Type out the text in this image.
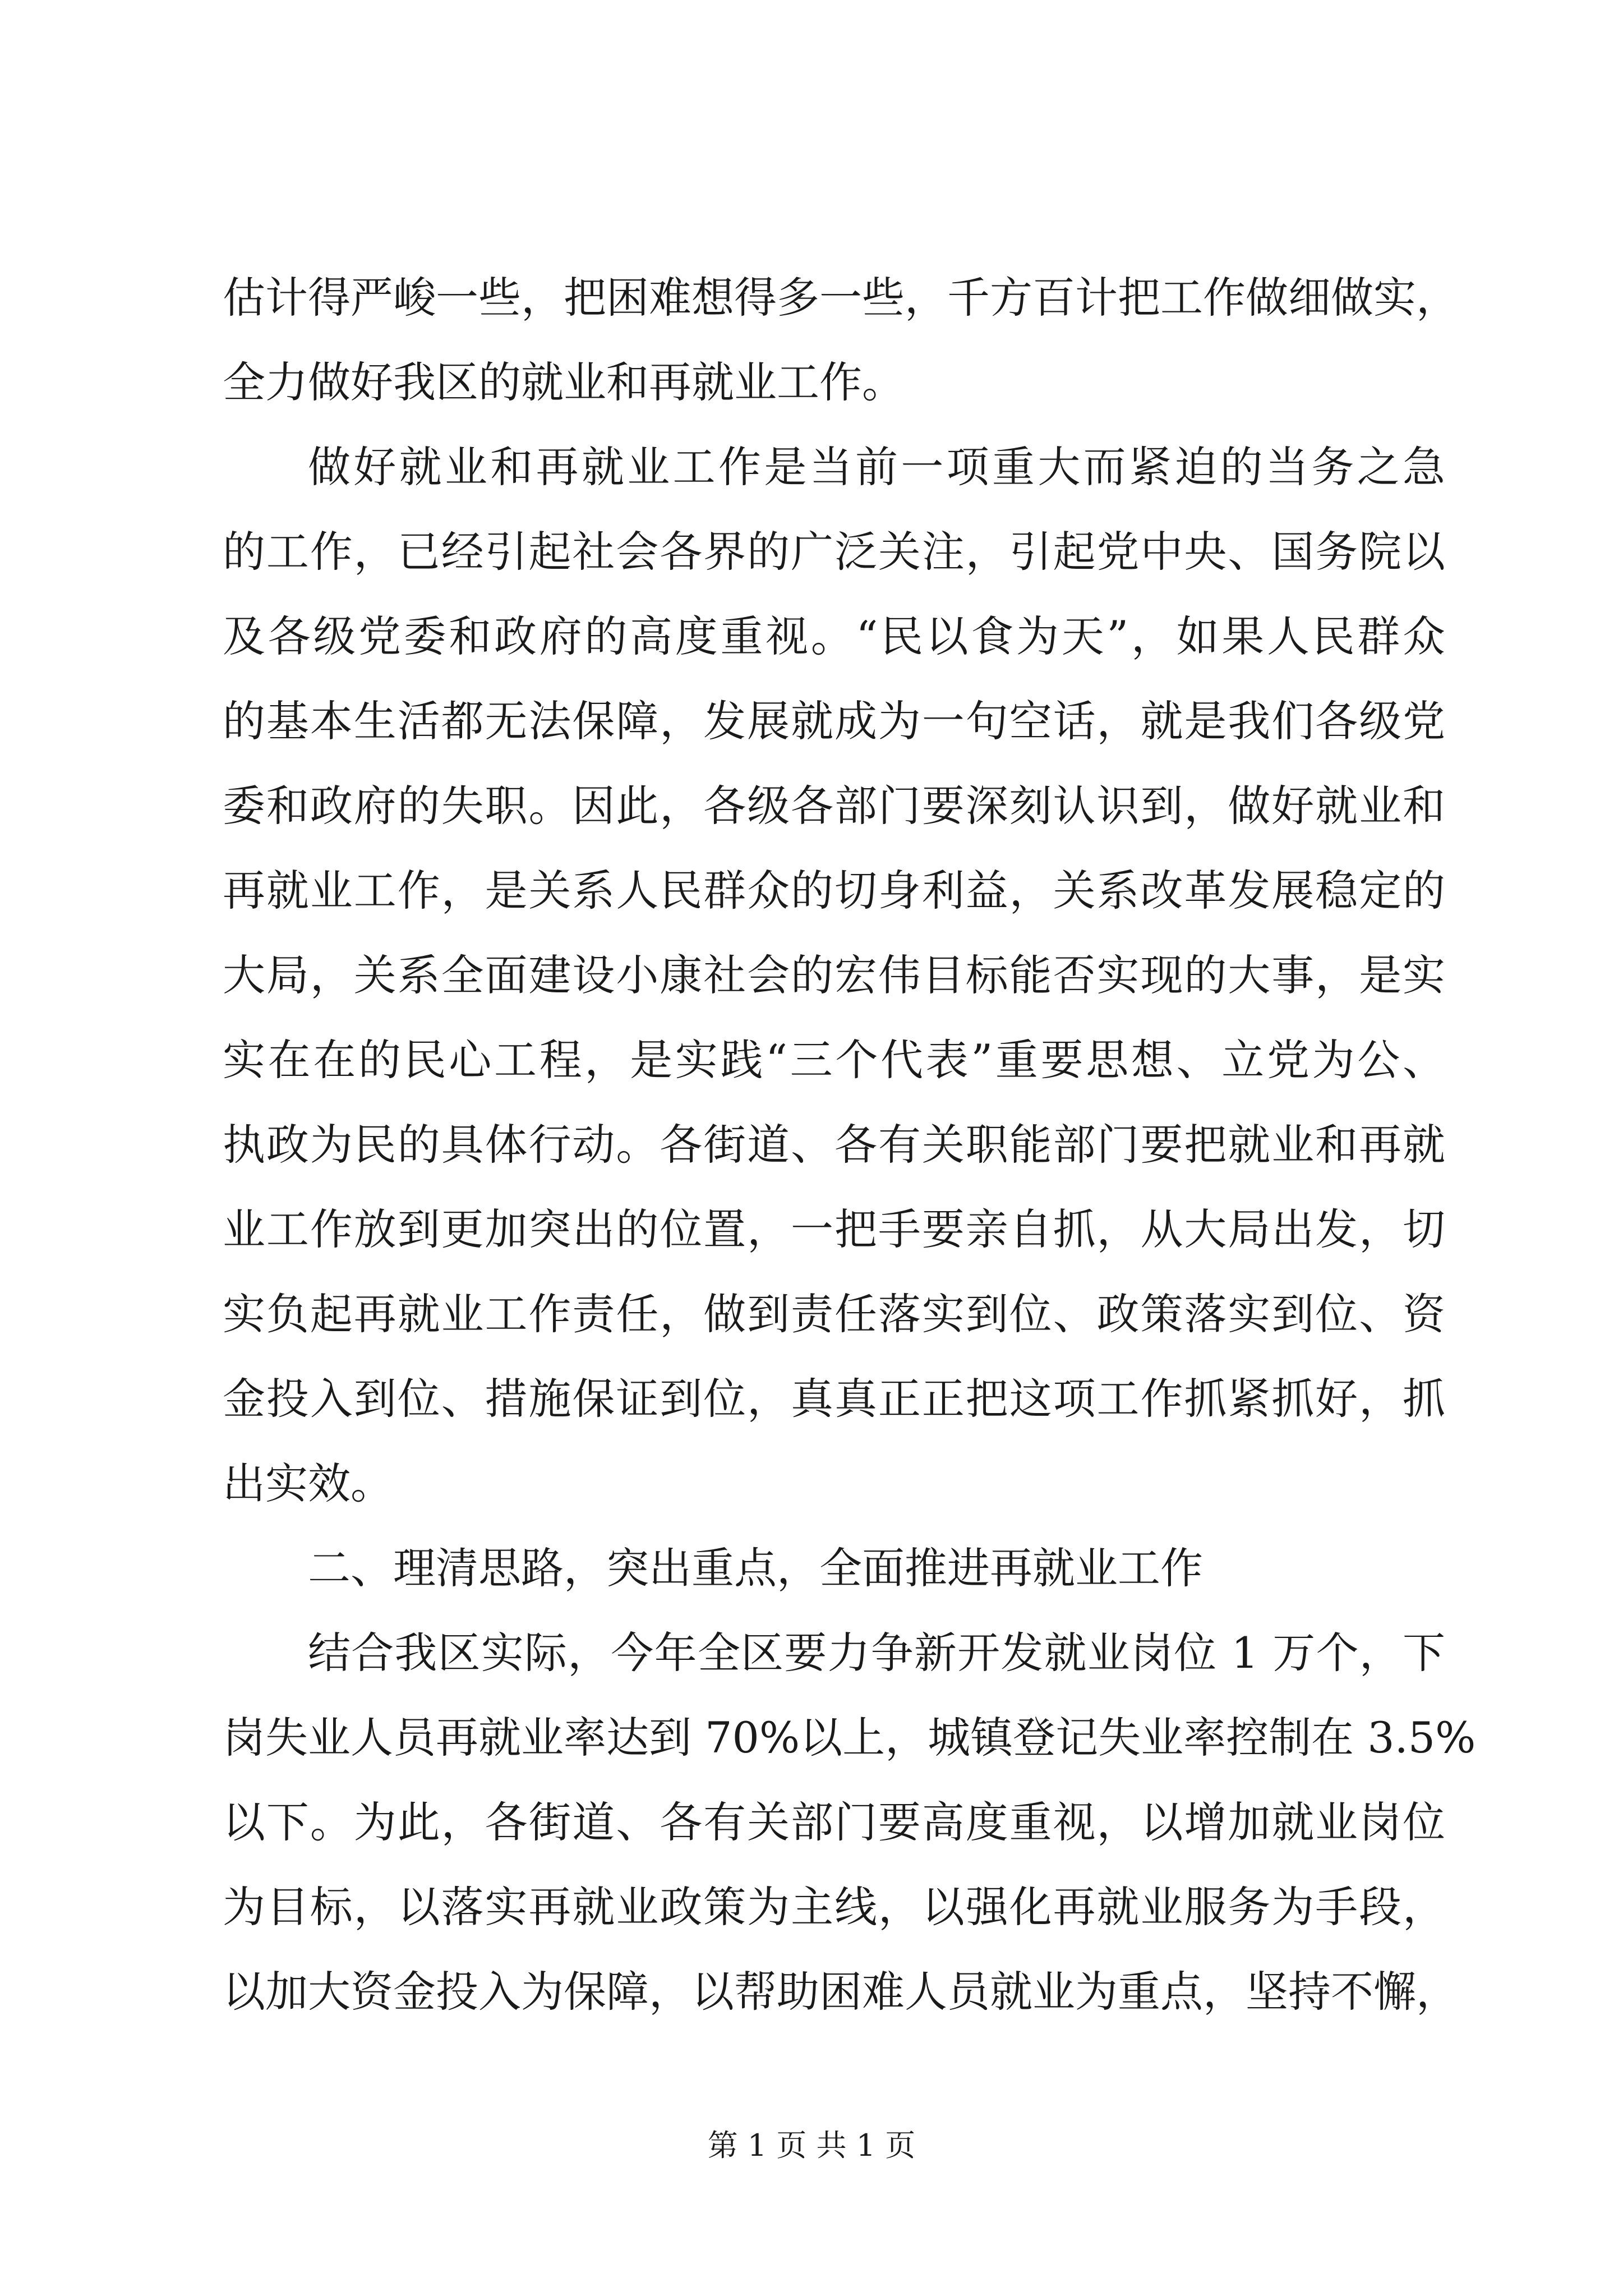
估计得严峻一些，把困难想得多一些，千方百计把工作做细做实，
全力做好我区的就业和再就业工作。
做好就业和再就业工作是当前一项重大而紧迫的当务之急
的工作，已经引起社会各界的广泛关注，引起党中央、国务院以
及各级党委和政府的高度重视。“民以食为天”，如果人民群众
的基本生活都无法保障，发展就成为一句空话，就是我们各级党
委和政府的失职。因此，各级各部门要深刻认识到，做好就业和
再就业工作，是关系人民群众的切身利益，关系改革发展稳定的
大局，关系全面建设小康社会的宏伟目标能否实现的大事，是实
实在在的民心工程，是实践“三个代表”重要思想、立党为公、
执政为民的具体行动。各街道、各有关职能部门要把就业和再就
业工作放到更加突出的位置，一把手要亲自抓，从大局出发，切
实负起再就业工作责任，做到责任落实到位、政策落实到位、资
金投入到位、措施保证到位，真真正正把这项工作抓紧抓好，抓
出实效。
二、理清思路，突出重点，全面推进再就业工作
结合我区实际，今年全区要力争新开发就业岗位 1 万个，下
岗失业人员再就业率达到 70%以上，城镇登记失业率控制在 3.5%
以下。为此，各街道、各有关部门要高度重视，以增加就业岗位
为目标，以落实再就业政策为主线，以强化再就业服务为手段，
以加大资金投入为保障，以帮助困难人员就业为重点，坚持不懈，
第 1 页 共 1 页
